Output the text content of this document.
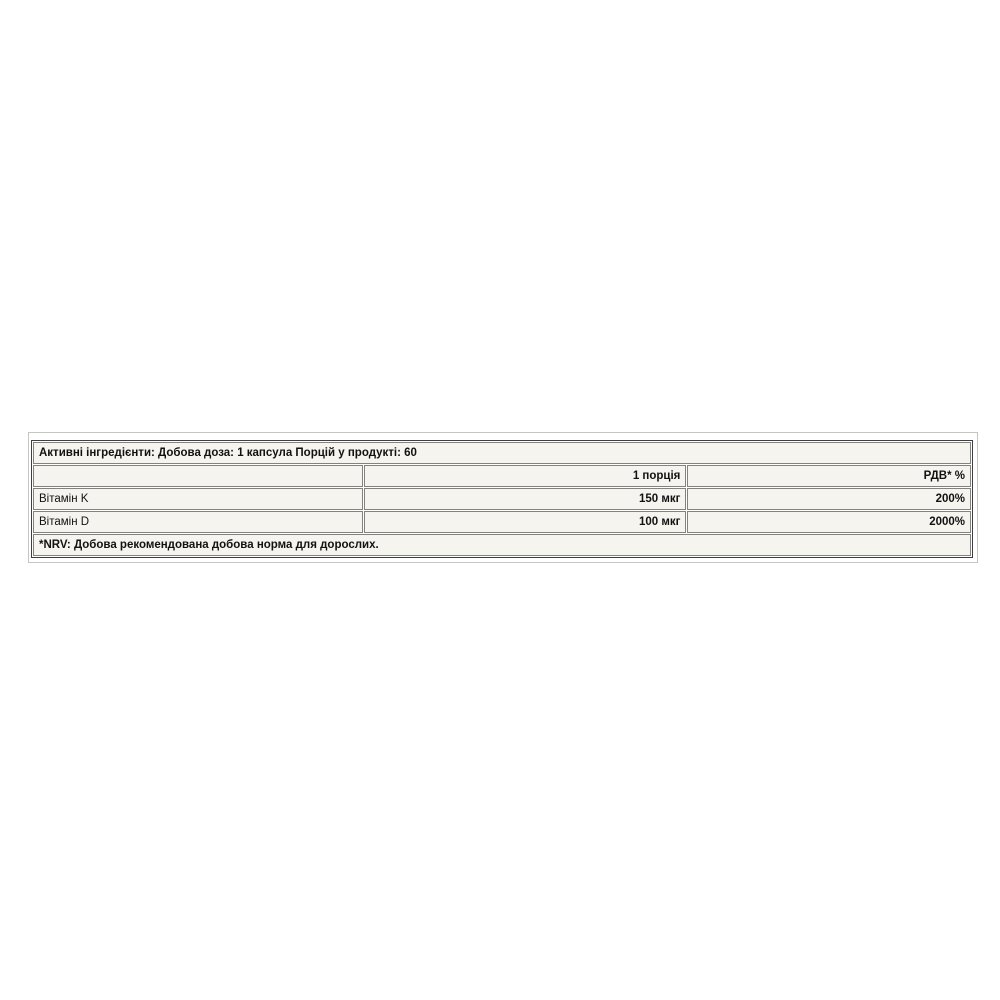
Активні інгредієнти: Добова доза: 1 капсула Порцій у продукті: 60		
	1 порція	РДВ* %
Вітамін K	150 мкг	200%
Вітамін D	100 мкг	2000%
*NRV: Добова рекомендована добова норма для дорослих.		
